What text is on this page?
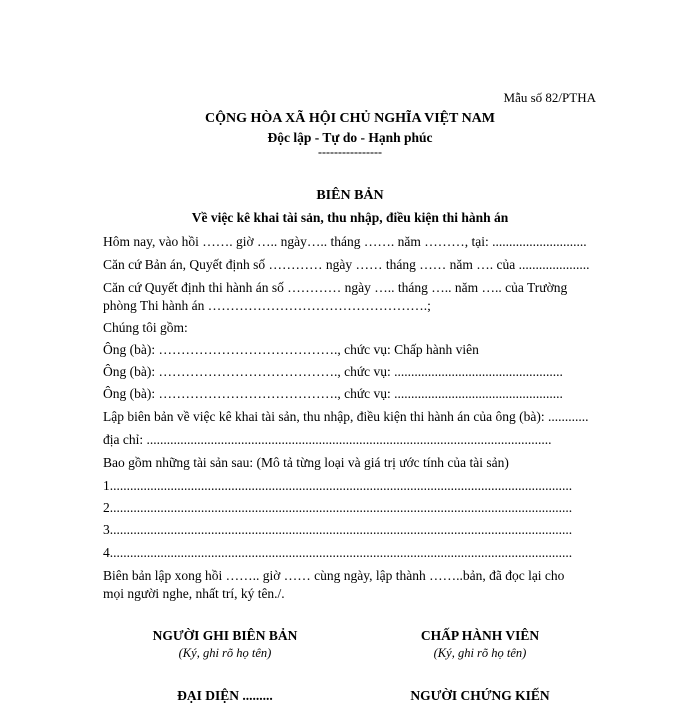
Mẫu số 82/PTHA
CỘNG HÒA XÃ HỘI CHỦ NGHĨA VIỆT NAM
Độc lập - Tự do - Hạnh phúc
----------------
BIÊN BẢN
Về việc kê khai tài sản, thu nhập, điều kiện thi hành án
Hôm nay, vào hồi ……. giờ ….. ngày….. tháng ……. năm ………, tại: ............................
Căn cứ Bản án, Quyết định số ………… ngày …… tháng …… năm …. của .....................
Căn cứ Quyết định thi hành án số ………… ngày ….. tháng ….. năm ….. của Trường
phòng Thi hành án ………………………………………….;
Chúng tôi gồm:
Ông (bà): …………………………………., chức vụ: Chấp hành viên
Ông (bà): …………………………………., chức vụ: ..................................................
Ông (bà): …………………………………., chức vụ: ..................................................
Lập biên bản về việc kê khai tài sản, thu nhập, điều kiện thi hành án của ông (bà): ............
địa chỉ: ........................................................................................................................
Bao gồm những tài sản sau: (Mô tả từng loại và giá trị ước tính của tài sản)
1.........................................................................................................................................
2.........................................................................................................................................
3.........................................................................................................................................
4.........................................................................................................................................
Biên bản lập xong hồi …….. giờ …… cùng ngày, lập thành ……..bản, đã đọc lại cho
mọi người nghe, nhất trí, ký tên./.
NGƯỜI GHI BIÊN BẢN
(Ký, ghi rõ họ tên)
CHẤP HÀNH VIÊN
(Ký, ghi rõ họ tên)
ĐẠI DIỆN .........	NGƯỜI CHỨNG KIẾN
